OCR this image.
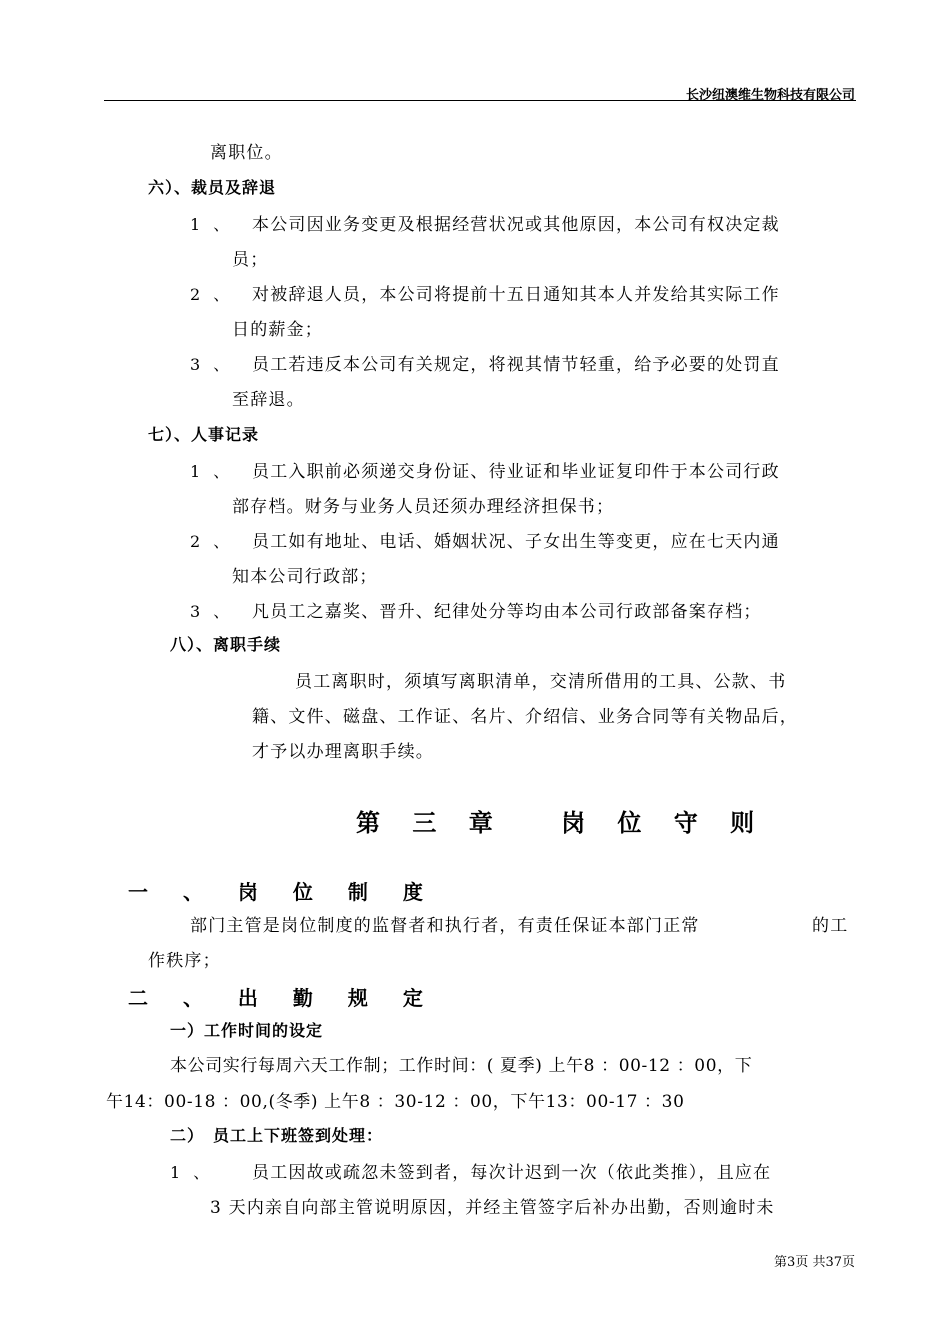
长沙纽澳维生物科技有限公司
离职位。
六）、裁员及辞退
1 、 本公司因业务变更及根据经营状况或其他原因，本公司有权决定裁
员；
2 、 对被辞退人员，本公司将提前十五日通知其本人并发给其实际工作
日的薪金；
3 、 员工若违反本公司有关规定，将视其情节轻重，给予必要的处罚直
至辞退。
七）、人事记录
1 、 员工入职前必须递交身份证、待业证和毕业证复印件于本公司行政
部存档。财务与业务人员还须办理经济担保书；
2 、 员工如有地址、电话、婚姻状况、子女出生等变更，应在七天内通
知本公司行政部；
3 、 凡员工之嘉奖、晋升、纪律处分等均由本公司行政部备案存档；
八）、离职手续
员工离职时，须填写离职清单，交清所借用的工具、公款、书
籍、文件、磁盘、工作证、名片、介绍信、业务合同等有关物品后，
才予以办理离职手续。
第 三 章　 岗 位 守 则
一 、 岗 位 制 度
部门主管是岗位制度的监督者和执行者，有责任保证本部门正常	的工
作秩序；
二 、 出 勤 规 定
一）工作时间的设定
本公司实行每周六天工作制；工作时间：( 夏季) 上午8 ：00-12 ：00，下
午14：00-18 ：00,(冬季) 上午8 ：30-12 ：00，下午13：00-17 ：30
二）　员工上下班签到处理：
1 、 员工因故或疏忽未签到者，每次计迟到一次（依此类推），且应在
3 天内亲自向部主管说明原因，并经主管签字后补办出勤，否则逾时未
第3页 共37页
